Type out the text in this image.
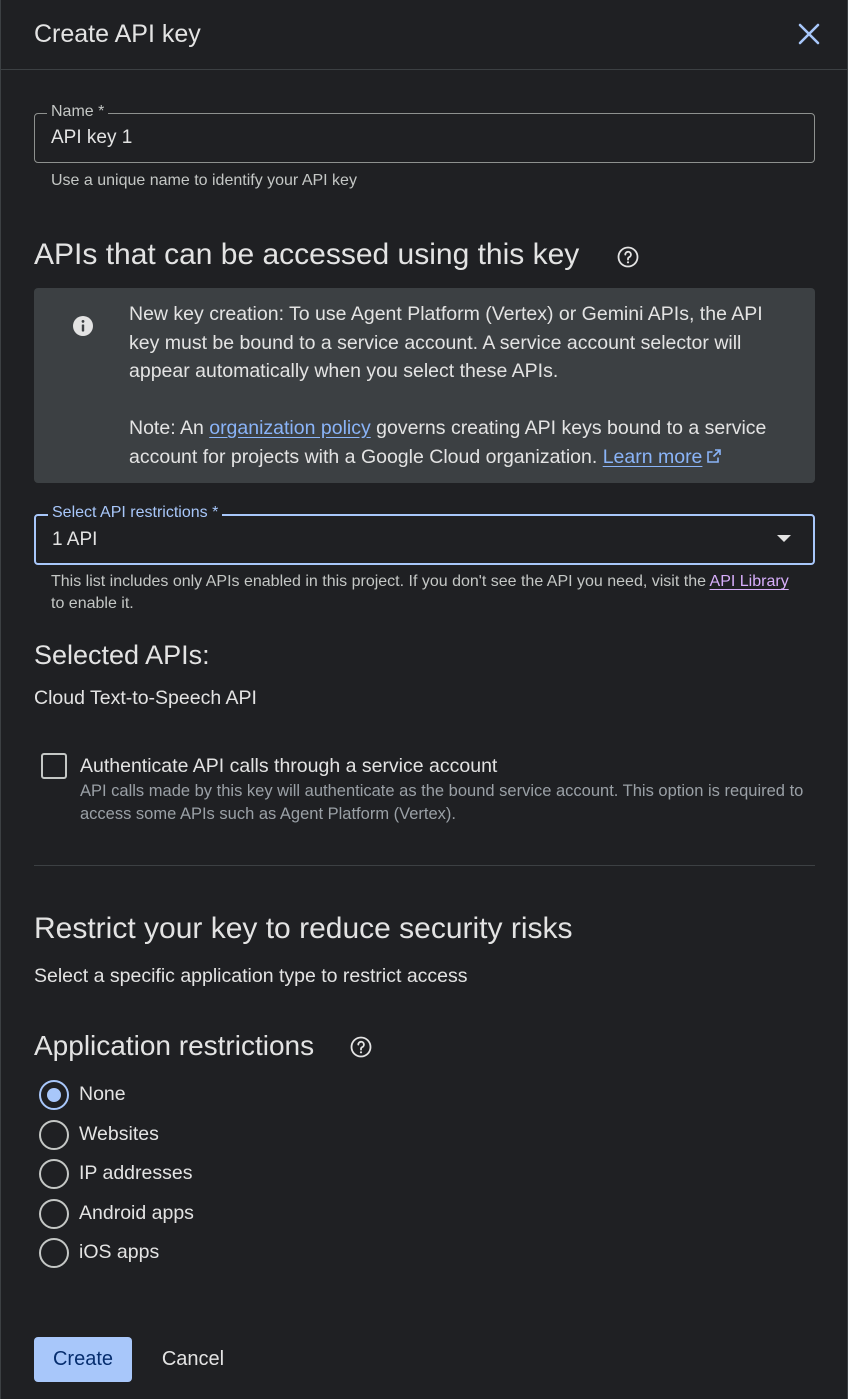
Create API key
Name *
API key 1
Use a unique name to identify your API key
APIs that can be accessed using this key

New key creation: To use Agent Platform (Vertex) or Gemini APIs, the API key must be bound to a service account. A service account selector will appear automatically when you select these APIs.

Note: An organization policy governs creating API keys bound to a service account for projects with a Google Cloud organization. Learn more

Select API restrictions *
1 API
This list includes only APIs enabled in this project. If you don't see the API you need, visit the API Library to enable it.
Selected APIs:
Cloud Text-to-Speech API
Authenticate API calls through a service account
API calls made by this key will authenticate as the bound service account. This option is required to access some APIs such as Agent Platform (Vertex).
Restrict your key to reduce security risks
Select a specific application type to restrict access
Application restrictions
None
Websites
IP addresses
Android apps
iOS apps
Create	Cancel
